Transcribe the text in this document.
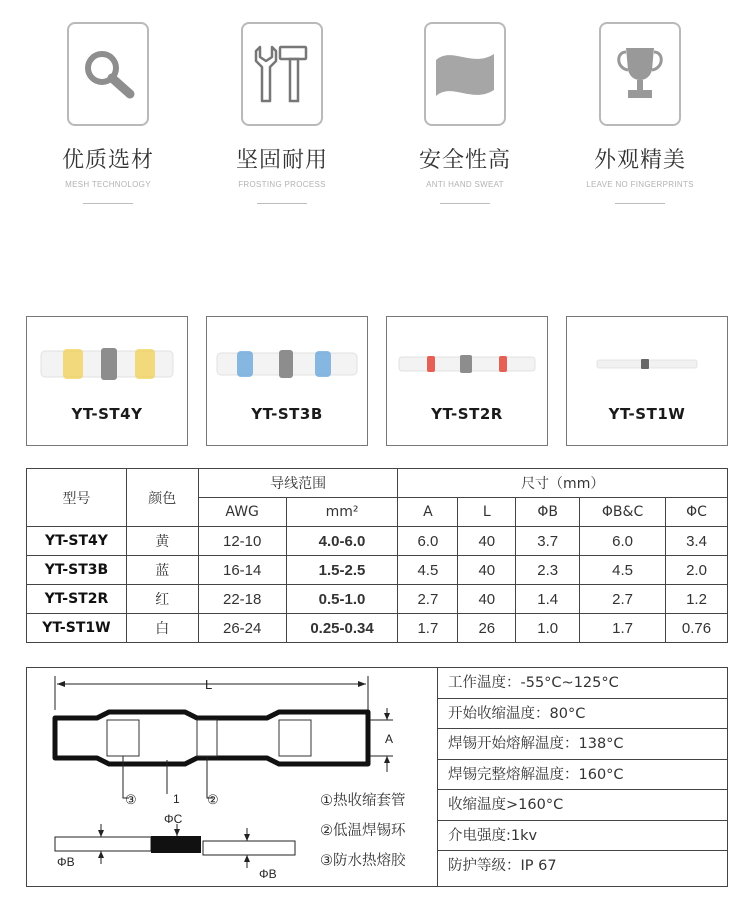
优质选材
MESH TECHNOLOGY
坚固耐用
FROSTING PROCESS
安全性高
ANTI HAND SWEAT
外观精美
LEAVE NO FINGERPRINTS
YT-ST4Y	YT-ST3B	YT-ST2R	YT-ST1W
型号	颜色	导线范围		尺寸（mm）				
		AWG	mm²	A	L	ΦB	ΦB&C	ΦC
YT-ST4Y	黄	12-10	4.0-6.0	6.0	40	3.7	6.0	3.4
YT-ST3B	蓝	16-14	1.5-2.5	4.5	40	2.3	4.5	2.0
YT-ST2R	红	22-18	0.5-1.0	2.7	40	1.4	2.7	1.2
YT-ST1W	白	26-24	0.25-0.34	1.7	26	1.0	1.7	0.76
L
A
③	1 ②
ΦC
ΦB
ΦB
①热收缩套管
②低温焊锡环
③防水热熔胶
工作温度：-55°C~125°C
开始收缩温度：80°C
焊锡开始熔解温度：138°C
焊锡完整熔解温度：160°C
收缩温度>160°C
介电强度:1kv
防护等级：IP 67
